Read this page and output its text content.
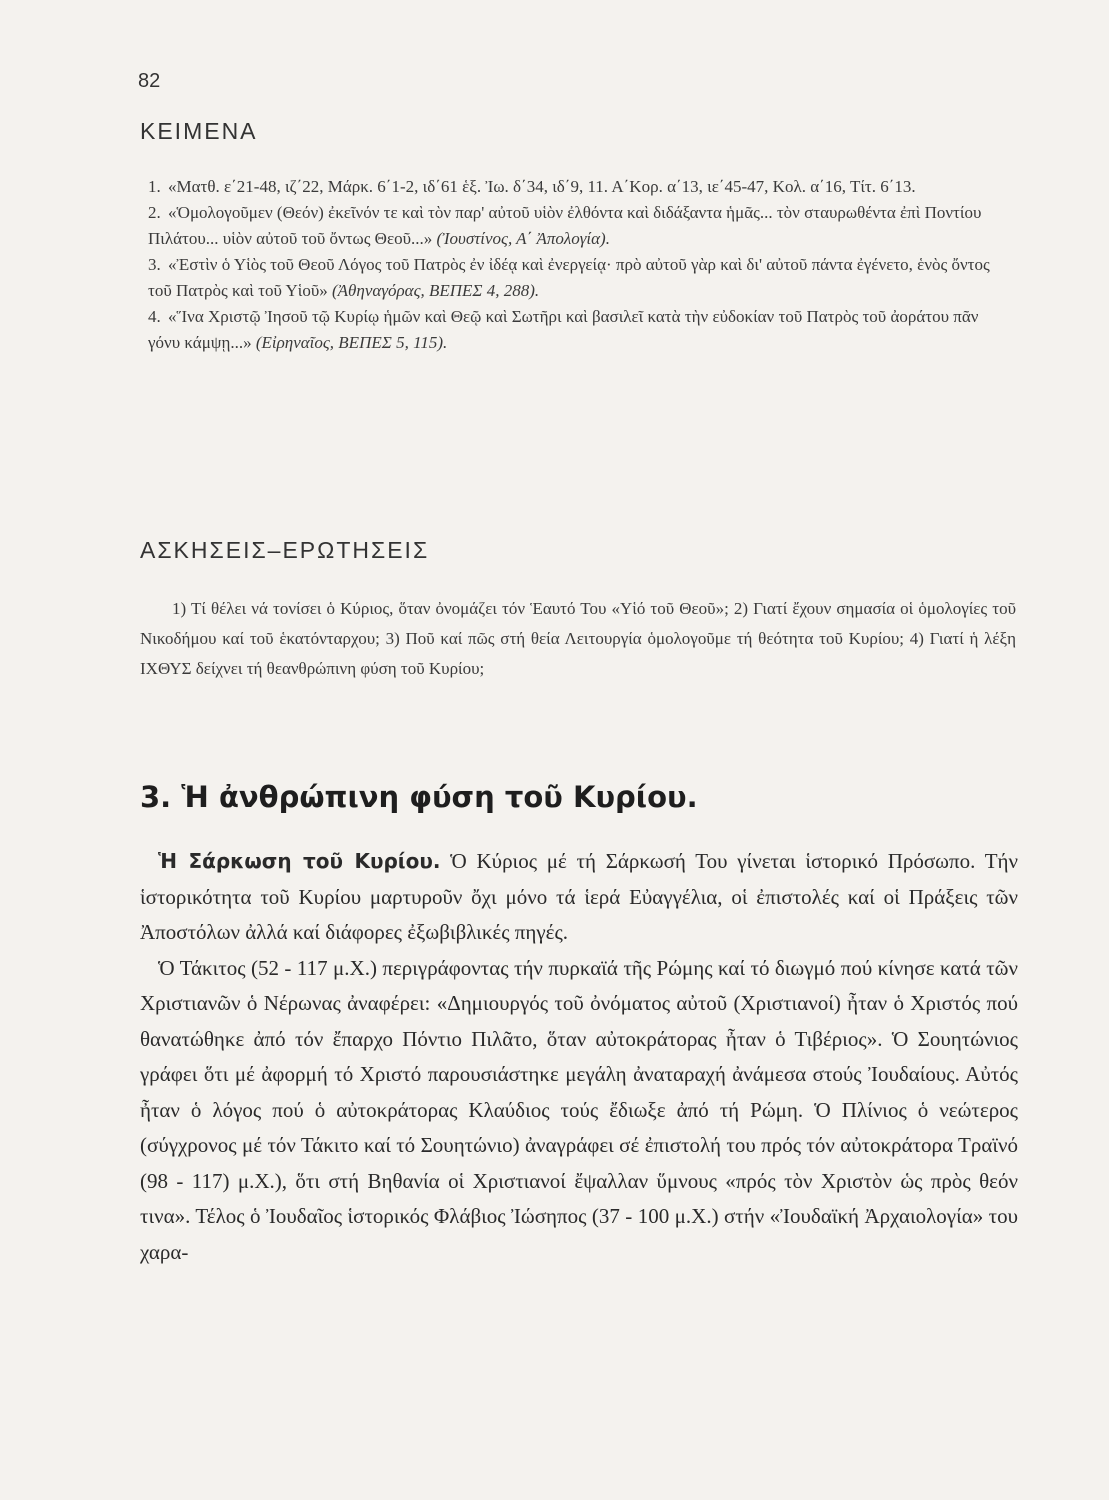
82
ΚΕΙΜΕΝΑ

1. «Ματθ. ε΄21-48, ιζ΄22, Μάρκ. 6΄1-2, ιδ΄61 ἑξ. Ἰω. δ΄34, ιδ΄9, 11. Α΄Κορ. α΄13, ιε΄45-47, Κολ. α΄16, Τίτ. 6΄13.

2. «Ὁμολογοῦμεν (Θεόν) ἐκεῖνόν τε καὶ τὸν παρ' αὐτοῦ υἱὸν ἐλθόντα καὶ διδάξαντα ἡμᾶς... τὸν σταυρωθέντα ἐπὶ Ποντίου Πιλάτου... υἱὸν αὐτοῦ τοῦ ὄντως Θεοῦ...» (Ἰουστίνος, Α΄ Ἀπολογία).

3. «Ἐστὶν ὁ Υἱὸς τοῦ Θεοῦ Λόγος τοῦ Πατρὸς ἐν ἰδέᾳ καὶ ἐνεργείᾳ· πρὸ αὐτοῦ γὰρ καὶ δι' αὐτοῦ πάντα ἐγένετο, ἑνὸς ὄντος τοῦ Πατρὸς καὶ τοῦ Υἱοῦ» (Ἀθηναγόρας, ΒΕΠΕΣ 4, 288).

4. «Ἵνα Χριστῷ Ἰησοῦ τῷ Κυρίῳ ἡμῶν καὶ Θεῷ καὶ Σωτῆρι καὶ βασιλεῖ κατὰ τὴν εὐδοκίαν τοῦ Πατρὸς τοῦ ἀοράτου πᾶν γόνυ κάμψῃ...» (Εἰρηναῖος, ΒΕΠΕΣ 5, 115).

ΑΣΚΗΣΕΙΣ–ΕΡΩΤΗΣΕΙΣ

1) Τί θέλει νά τονίσει ὁ Κύριος, ὅταν ὀνομάζει τόν Ἑαυτό Του «Υἱό τοῦ Θεοῦ»; 2) Γιατί ἔχουν σημασία οἱ ὁμολογίες τοῦ Νικοδήμου καί τοῦ ἑκατόνταρχου; 3) Ποῦ καί πῶς στή θεία Λειτουργία ὁμολογοῦμε τή θεότητα τοῦ Κυρίου; 4) Γιατί ἡ λέξη ΙΧΘΥΣ δείχνει τή θεανθρώπινη φύση τοῦ Κυρίου;

3. Ἡ ἀνθρώπινη φύση τοῦ Κυρίου.

Ἡ Σάρκωση τοῦ Κυρίου. Ὁ Κύριος μέ τή Σάρκωσή Του γίνεται ἱστορικό Πρόσωπο. Τήν ἱστορικότητα τοῦ Κυρίου μαρτυροῦν ὄχι μόνο τά ἱερά Εὐαγγέλια, οἱ ἐπιστολές καί οἱ Πράξεις τῶν Ἀποστόλων ἀλλά καί διάφορες ἐξωβιβλικές πηγές.

Ὁ Τάκιτος (52 - 117 μ.Χ.) περιγράφοντας τήν πυρκαϊά τῆς Ρώμης καί τό διωγμό πού κίνησε κατά τῶν Χριστιανῶν ὁ Νέρωνας ἀναφέρει: «Δημιουργός τοῦ ὀνόματος αὐτοῦ (Χριστιανοί) ἦταν ὁ Χριστός πού θανατώθηκε ἀπό τόν ἔπαρχο Πόντιο Πιλᾶτο, ὅταν αὐτοκράτορας ἦταν ὁ Τιβέριος». Ὁ Σουητώνιος γράφει ὅτι μέ ἀφορμή τό Χριστό παρουσιάστηκε μεγάλη ἀναταραχή ἀνάμεσα στούς Ἰουδαίους. Αὐτός ἦταν ὁ λόγος πού ὁ αὐτοκράτορας Κλαύδιος τούς ἔδιωξε ἀπό τή Ρώμη. Ὁ Πλίνιος ὁ νεώτερος (σύγχρονος μέ τόν Τάκιτο καί τό Σουητώνιο) ἀναγράφει σέ ἐπιστολή του πρός τόν αὐτοκράτορα Τραϊνό (98 - 117) μ.Χ.), ὅτι στή Βηθανία οἱ Χριστιανοί ἔψαλλαν ὕμνους «πρός τὸν Χριστὸν ὡς πρὸς θεόν τινα». Τέλος ὁ Ἰουδαῖος ἱστορικός Φλάβιος Ἰώσηπος (37 - 100 μ.Χ.) στήν «Ἰουδαϊκή Ἀρχαιολογία» του χαρα-
